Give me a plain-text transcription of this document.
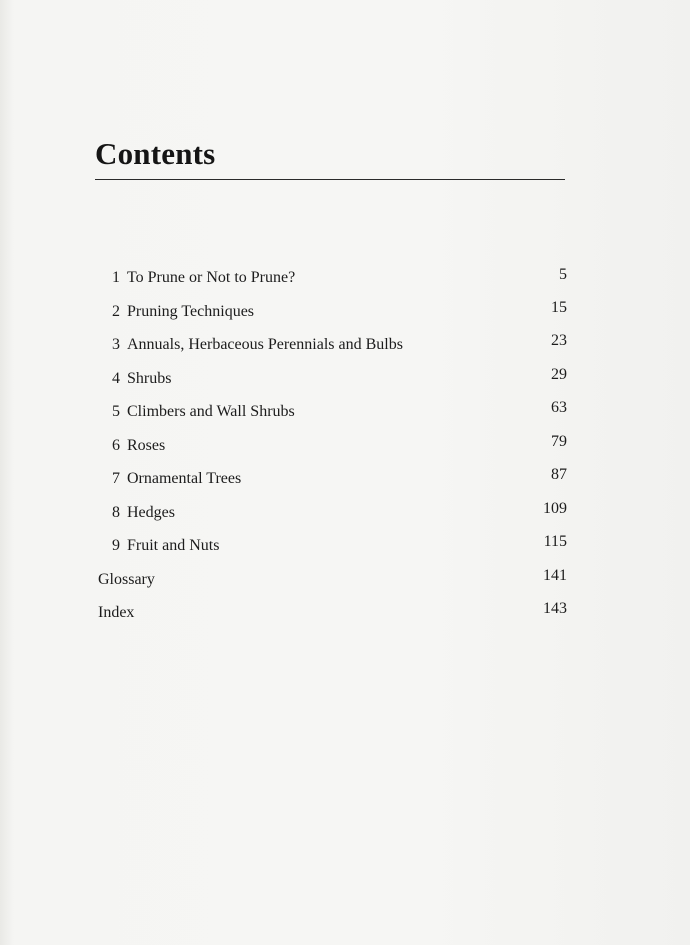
Contents
1 To Prune or Not to Prune?	5
2 Pruning Techniques	15
3 Annuals, Herbaceous Perennials and Bulbs	23
4 Shrubs	29
5 Climbers and Wall Shrubs	63
6 Roses	79
7 Ornamental Trees	87
8 Hedges	109
9 Fruit and Nuts	115
Glossary	141
Index	143
